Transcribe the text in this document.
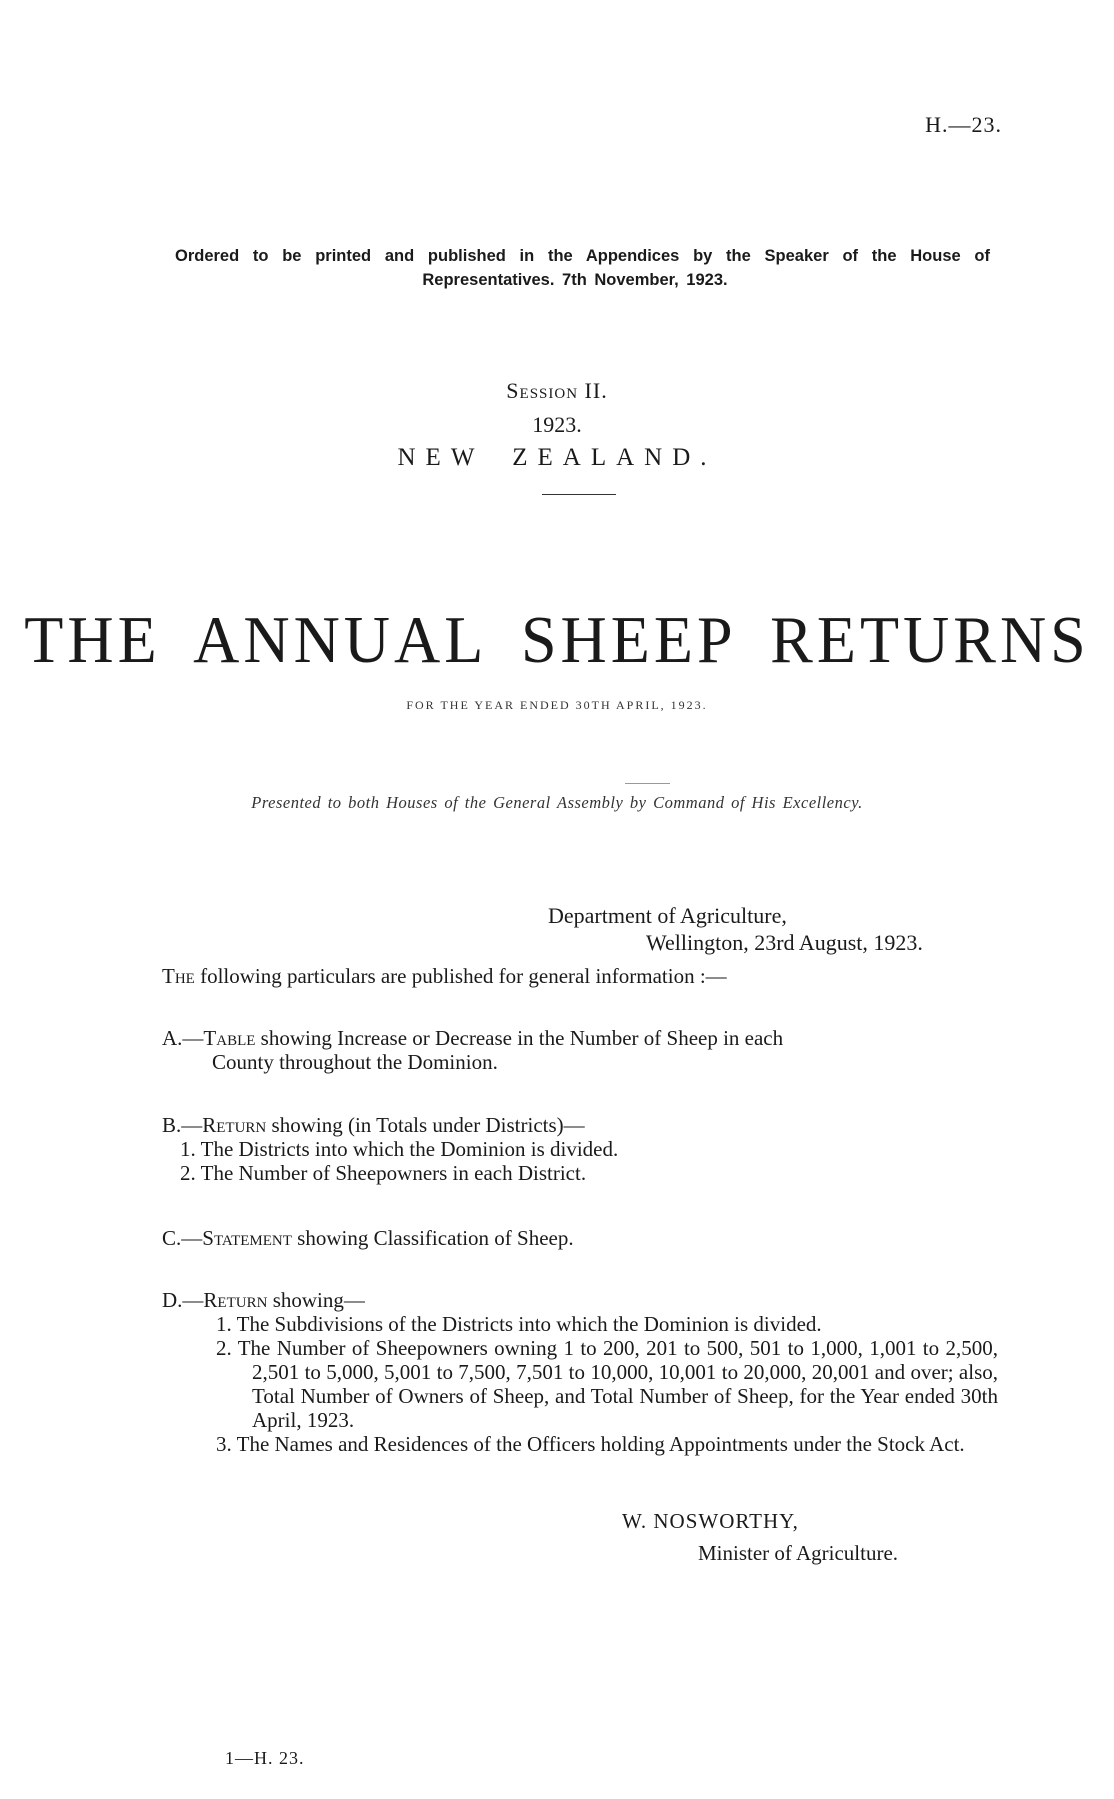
H.—23.
Ordered to be printed and published in the Appendices by the Speaker of the House of
Representatives. 7th November, 1923.
Session II.
1923.
NEW ZEALAND.
THE ANNUAL SHEEP RETURNS
FOR THE YEAR ENDED 30TH APRIL, 1923.
Presented to both Houses of the General Assembly by Command of His Excellency.
Department of Agriculture,
Wellington, 23rd August, 1923.
The following particulars are published for general information :—
A.—Table showing Increase or Decrease in the Number of Sheep in each
County throughout the Dominion.
B.—Return showing (in Totals under Districts)—
1. The Districts into which the Dominion is divided.
2. The Number of Sheepowners in each District.
C.—Statement showing Classification of Sheep.
D.—Return showing—
1. The Subdivisions of the Districts into which the Dominion is divided.
2. The Number of Sheepowners owning 1 to 200, 201 to 500, 501 to 1,000, 1,001 to 2,500, 2,501 to 5,000, 5,001 to 7,500, 7,501 to 10,000, 10,001 to 20,000, 20,001 and over; also, Total Number of Owners of Sheep, and Total Number of Sheep, for the Year ended 30th April, 1923.
3. The Names and Residences of the Officers holding Appointments under the Stock Act.
W. NOSWORTHY,
Minister of Agriculture.
1—H. 23.
